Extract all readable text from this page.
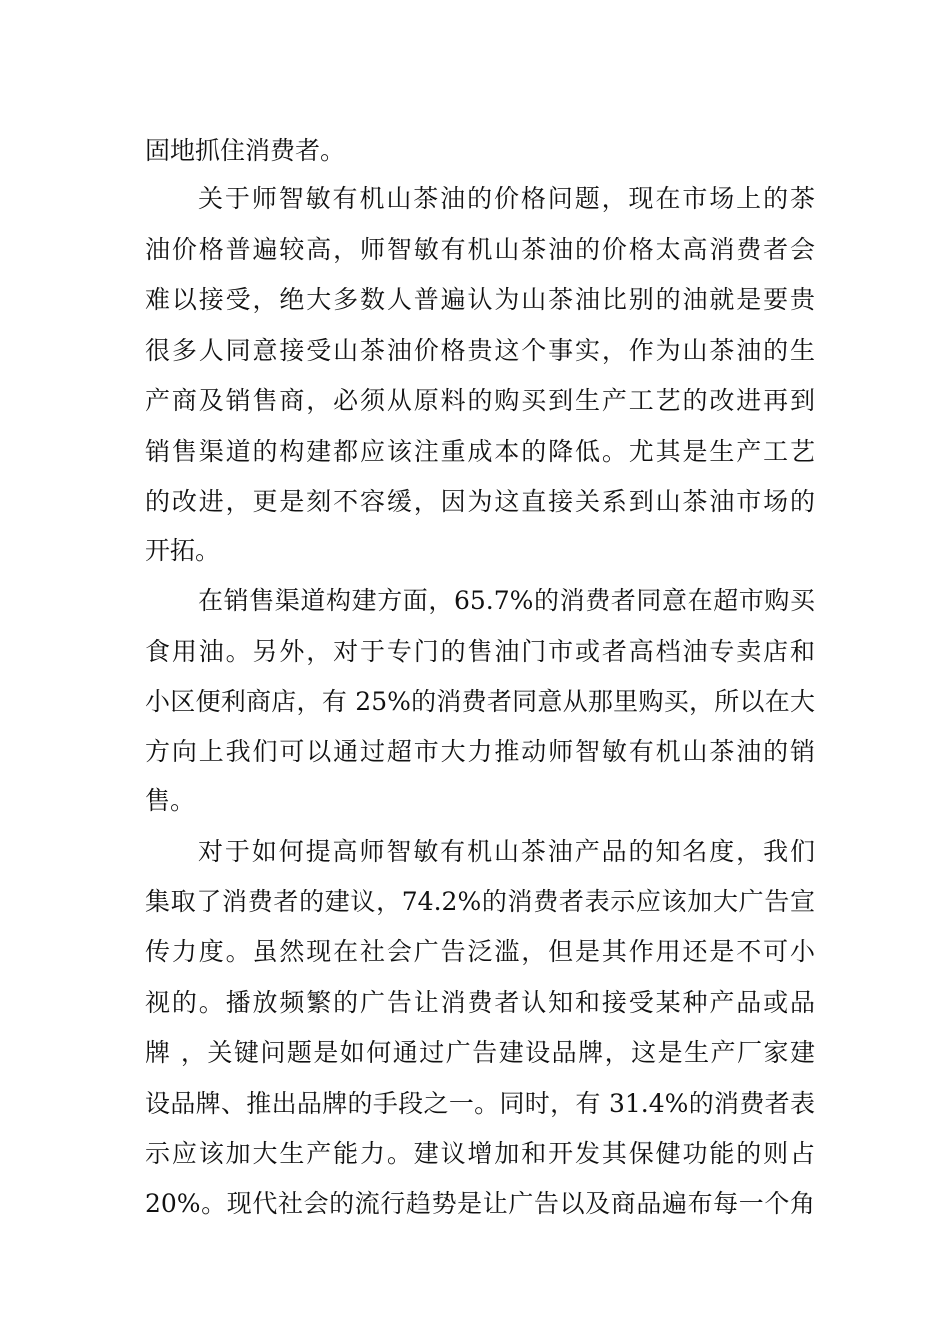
固地抓住消费者。
关于师智敏有机山茶油的价格问题，现在市场上的茶
油价格普遍较高，师智敏有机山茶油的价格太高消费者会
难以接受，绝大多数人普遍认为山茶油比别的油就是要贵
很多人同意接受山茶油价格贵这个事实，作为山茶油的生
产商及销售商，必须从原料的购买到生产工艺的改进再到
销售渠道的构建都应该注重成本的降低。尤其是生产工艺
的改进，更是刻不容缓，因为这直接关系到山茶油市场的
开拓。
在销售渠道构建方面，65.7%的消费者同意在超市购买
食用油。另外，对于专门的售油门市或者高档油专卖店和
小区便利商店，有 25%的消费者同意从那里购买，所以在大
方向上我们可以通过超市大力推动师智敏有机山茶油的销
售。
对于如何提高师智敏有机山茶油产品的知名度，我们
集取了消费者的建议，74.2%的消费者表示应该加大广告宣
传力度。虽然现在社会广告泛滥，但是其作用还是不可小
视的。播放频繁的广告让消费者认知和接受某种产品或品
牌 ，关键问题是如何通过广告建设品牌，这是生产厂家建
设品牌、推出品牌的手段之一。同时，有 31.4%的消费者表
示应该加大生产能力。建议增加和开发其保健功能的则占
20%。现代社会的流行趋势是让广告以及商品遍布每一个角
